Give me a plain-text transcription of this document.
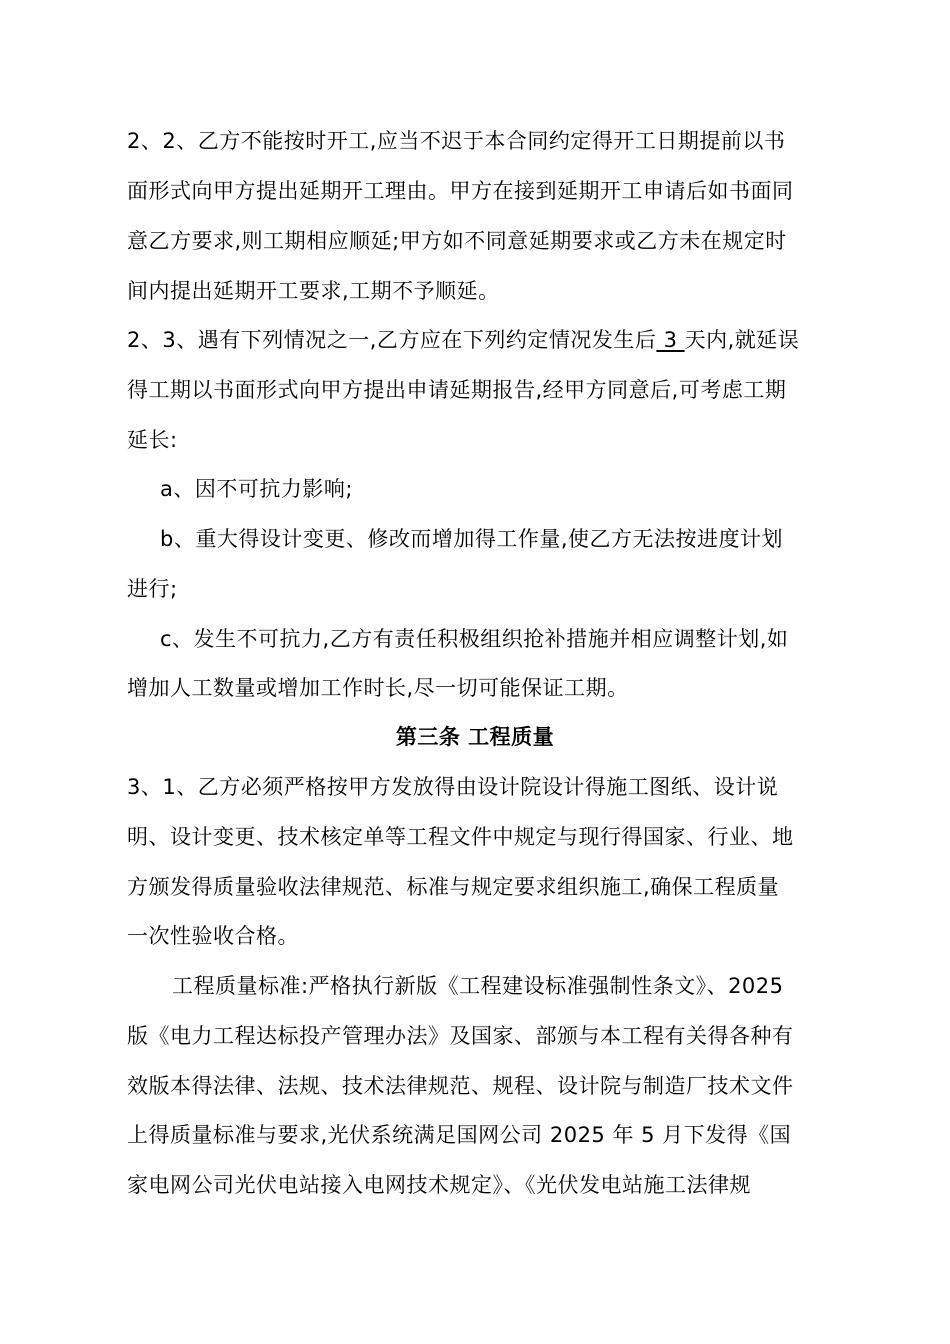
2、2、乙方不能按时开工,应当不迟于本合同约定得开工日期提前以书
面形式向甲方提出延期开工理由。甲方在接到延期开工申请后如书面同
意乙方要求,则工期相应顺延;甲方如不同意延期要求或乙方未在规定时
间内提出延期开工要求,工期不予顺延。
2、3、遇有下列情况之一,乙方应在下列约定情况发生后 3 天内,就延误
得工期以书面形式向甲方提出申请延期报告,经甲方同意后,可考虑工期
延长:
a、因不可抗力影响;
b、重大得设计变更、修改而增加得工作量,使乙方无法按进度计划
进行;
c、发生不可抗力,乙方有责任积极组织抢补措施并相应调整计划,如
增加人工数量或增加工作时长,尽一切可能保证工期。
第三条 工程质量
3、1、乙方必须严格按甲方发放得由设计院设计得施工图纸、设计说
明、设计变更、技术核定单等工程文件中规定与现行得国家、行业、地
方颁发得质量验收法律规范、标准与规定要求组织施工,确保工程质量
一次性验收合格。
工程质量标准:严格执行新版《工程建设标准强制性条文》、2025
版《电力工程达标投产管理办法》及国家、部颁与本工程有关得各种有
效版本得法律、法规、技术法律规范、规程、设计院与制造厂技术文件
上得质量标准与要求,光伏系统满足国网公司 2025 年 5 月下发得《国
家电网公司光伏电站接入电网技术规定》、《光伏发电站施工法律规
